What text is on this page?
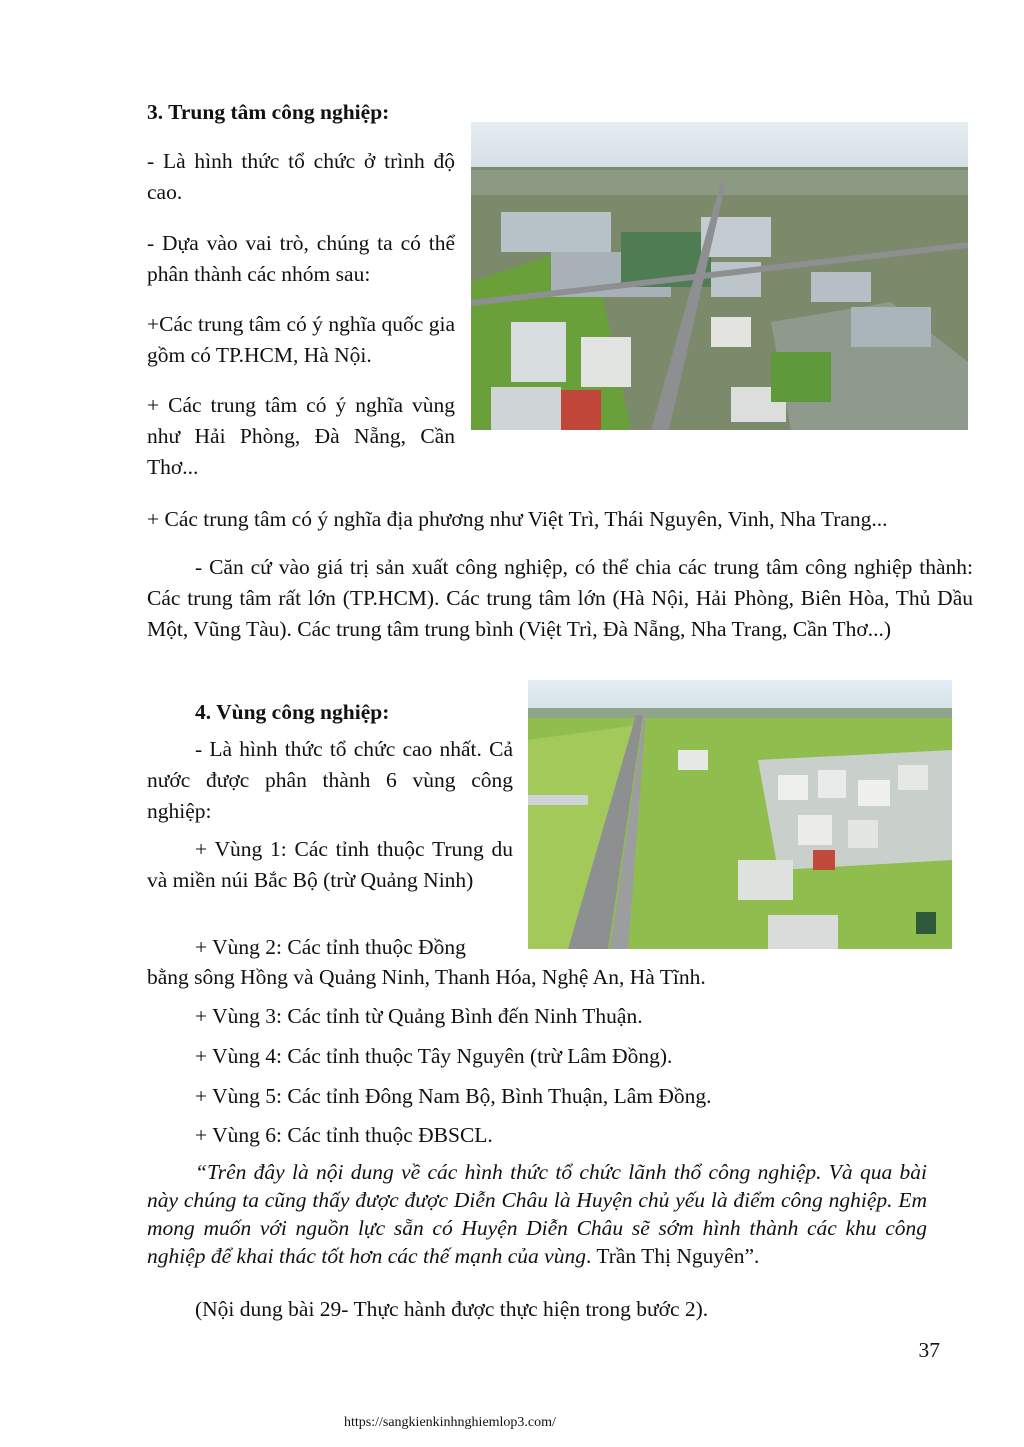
3. Trung tâm công nghiệp:

- Là hình thức tổ chức ở trình độ cao.

- Dựa vào vai trò, chúng ta có thể phân thành các nhóm sau:

+Các trung tâm có ý nghĩa quốc gia gồm có TP.HCM, Hà Nội.

+ Các trung tâm có ý nghĩa vùng như Hải Phòng, Đà Nẵng, Cần Thơ...

+ Các trung tâm có ý nghĩa địa phương như Việt Trì, Thái Nguyên, Vinh, Nha Trang...

- Căn cứ vào giá trị sản xuất công nghiệp, có thể chia các trung tâm công nghiệp thành: Các trung tâm rất lớn (TP.HCM). Các trung tâm lớn (Hà Nội, Hải Phòng, Biên Hòa, Thủ Dầu Một, Vũng Tàu). Các trung tâm trung bình (Việt Trì, Đà Nẵng, Nha Trang, Cần Thơ...)

4. Vùng công nghiệp:

- Là hình thức tổ chức cao nhất. Cả nước được phân thành 6 vùng công nghiệp:

+ Vùng 1: Các tỉnh thuộc Trung du và miền núi Bắc Bộ (trừ Quảng Ninh)

+ Vùng 2: Các tỉnh thuộc Đồng

bằng sông Hồng và Quảng Ninh, Thanh Hóa, Nghệ An, Hà Tĩnh.

+ Vùng 3: Các tỉnh từ Quảng Bình đến Ninh Thuận.

+ Vùng 4: Các tỉnh thuộc Tây Nguyên (trừ Lâm Đồng).

+ Vùng 5: Các tỉnh Đông Nam Bộ, Bình Thuận, Lâm Đồng.

+ Vùng 6: Các tỉnh thuộc ĐBSCL.

“Trên đây là nội dung về các hình thức tổ chức lãnh thổ công nghiệp. Và qua bài này chúng ta cũng thấy được được Diễn Châu là Huyện chủ yếu là điểm công nghiệp. Em mong muốn với nguồn lực sẵn có Huyện Diễn Châu sẽ sớm hình thành các khu công nghiệp để khai thác tốt hơn các thế mạnh của vùng. Trần Thị Nguyên”.

(Nội dung bài 29- Thực hành được thực hiện trong bước 2).

37

https://sangkienkinhnghiemlop3.com/
